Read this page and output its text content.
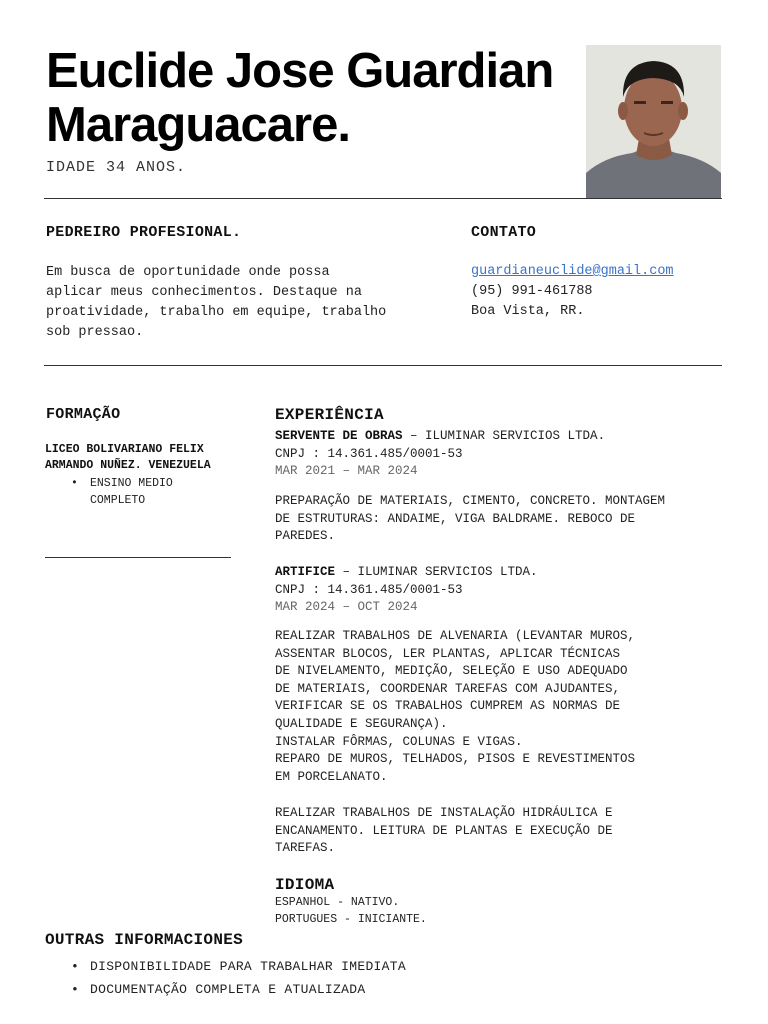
Euclide Jose Guardian
Maraguacare.
IDADE 34 ANOS.
PEDREIRO PROFESIONAL.
Em busca de oportunidade onde possa
aplicar meus conhecimentos. Destaque na
proatividade, trabalho em equipe, trabalho
sob pressao.
CONTATO
guardianeuclide@gmail.com
(95) 991-461788
Boa Vista, RR.
FORMAÇÃO
LICEO BOLIVARIANO FELIX
ARMANDO NUÑEZ. VENEZUELA
• ENSINO MEDIO
COMPLETO
EXPERIÊNCIA
SERVENTE DE OBRAS – ILUMINAR SERVICIOS LTDA.
CNPJ : 14.361.485/0001-53
MAR 2021 – MAR 2024
PREPARAÇÃO DE MATERIAIS, CIMENTO, CONCRETO. MONTAGEM
DE ESTRUTURAS: ANDAIME, VIGA BALDRAME. REBOCO DE
PAREDES.
ARTIFICE – ILUMINAR SERVICIOS LTDA.
CNPJ : 14.361.485/0001-53
MAR 2024 – OCT 2024
REALIZAR TRABALHOS DE ALVENARIA (LEVANTAR MUROS,
ASSENTAR BLOCOS, LER PLANTAS, APLICAR TÉCNICAS
DE NIVELAMENTO, MEDIÇÃO, SELEÇÃO E USO ADEQUADO
DE MATERIAIS, COORDENAR TAREFAS COM AJUDANTES,
VERIFICAR SE OS TRABALHOS CUMPREM AS NORMAS DE
QUALIDADE E SEGURANÇA).
INSTALAR FÔRMAS, COLUNAS E VIGAS.
REPARO DE MUROS, TELHADOS, PISOS E REVESTIMENTOS
EM PORCELANATO.
REALIZAR TRABALHOS DE INSTALAÇÃO HIDRÁULICA E
ENCANAMENTO. LEITURA DE PLANTAS E EXECUÇÃO DE
TAREFAS.
IDIOMA
ESPANHOL - NATIVO.
PORTUGUES - INICIANTE.
OUTRAS INFORMACIONES
• DISPONIBILIDADE PARA TRABALHAR IMEDIATA
• DOCUMENTAÇÃO COMPLETA E ATUALIZADA
